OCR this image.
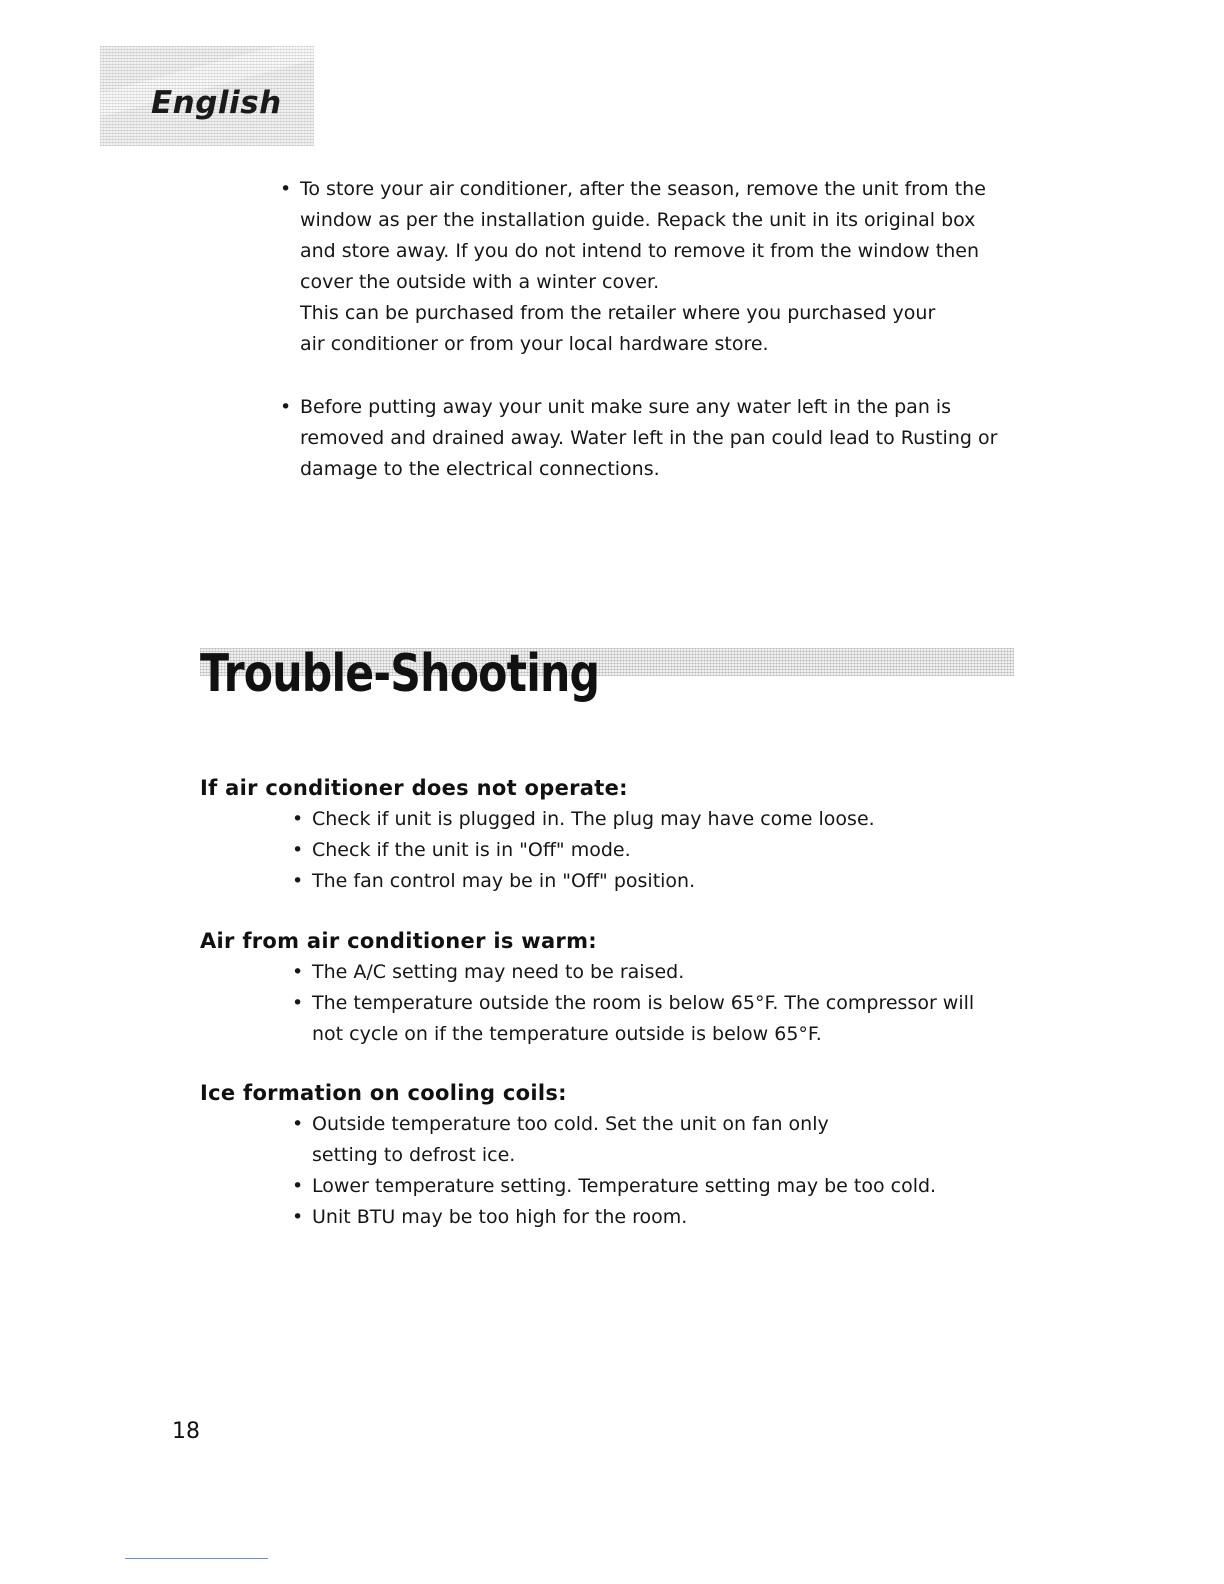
English
• To store your air conditioner, after the season, remove the unit from the window as per the installation guide. Repack the unit in its original box and store away. If you do not intend to remove it from the window then cover the outside with a winter cover.
This can be purchased from the retailer where you purchased your air conditioner or from your local hardware store.
• Before putting away your unit make sure any water left in the pan is removed and drained away. Water left in the pan could lead to Rusting or damage to the electrical connections.
Trouble-Shooting
If air conditioner does not operate:
• Check if unit is plugged in. The plug may have come loose.
• Check if the unit is in "Off" mode.
• The fan control may be in "Off" position.
Air from air conditioner is warm:
• The A/C setting may need to be raised.
• The temperature outside the room is below 65°F. The compressor will not cycle on if the temperature outside is below 65°F.
Ice formation on cooling coils:
• Outside temperature too cold. Set the unit on fan only setting to defrost ice.
• Lower temperature setting. Temperature setting may be too cold.
• Unit BTU may be too high for the room.
18
